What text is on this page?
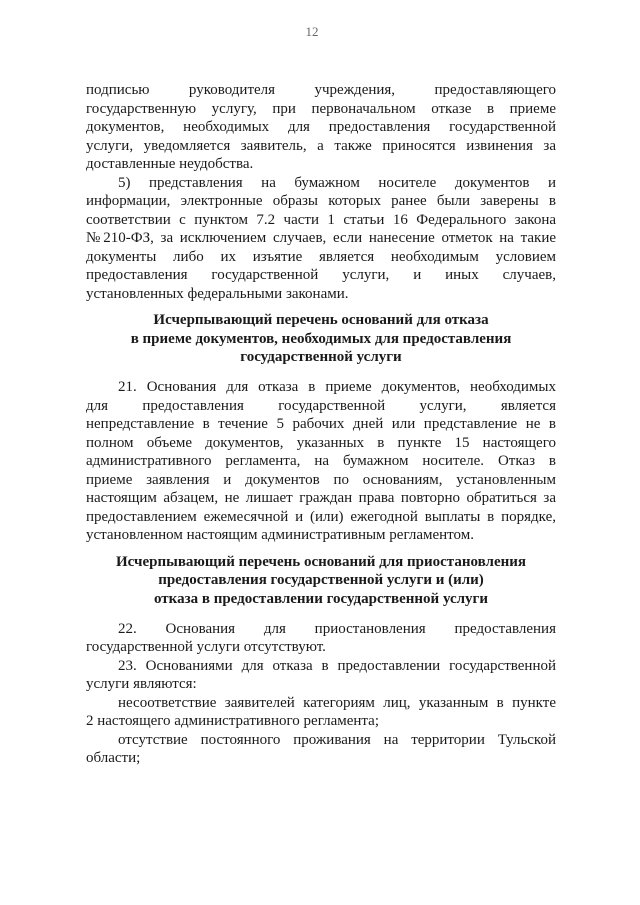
12
подписью руководителя учреждения, предоставляющего
государственную услугу, при первоначальном отказе в приеме
документов, необходимых для предоставления государственной
услуги, уведомляется заявитель, а также приносятся извинения за
доставленные неудобства.
5) представления на бумажном носителе документов и
информации, электронные образы которых ранее были заверены в
соответствии с пунктом 7.2 части 1 статьи 16 Федерального закона
№210-ФЗ, за исключением случаев, если нанесение отметок на такие
документы либо их изъятие является необходимым условием
предоставления государственной услуги, и иных случаев,
установленных федеральными законами.
Исчерпывающий перечень оснований для отказа
в приеме документов, необходимых для предоставления
государственной услуги
21. Основания для отказа в приеме документов, необходимых
для предоставления государственной услуги, является
непредставление в течение 5 рабочих дней или представление не в
полном объеме документов, указанных в пункте 15 настоящего
административного регламента, на бумажном носителе. Отказ в
приеме заявления и документов по основаниям, установленным
настоящим абзацем, не лишает граждан права повторно обратиться за
предоставлением ежемесячной и (или) ежегодной выплаты в порядке,
установленном настоящим административным регламентом.
Исчерпывающий перечень оснований для приостановления
предоставления государственной услуги и (или)
отказа в предоставлении государственной услуги
22. Основания для приостановления предоставления
государственной услуги отсутствуют.
23. Основаниями для отказа в предоставлении государственной
услуги являются:
несоответствие заявителей категориям лиц, указанным в пункте
2 настоящего административного регламента;
отсутствие постоянного проживания на территории Тульской
области;
